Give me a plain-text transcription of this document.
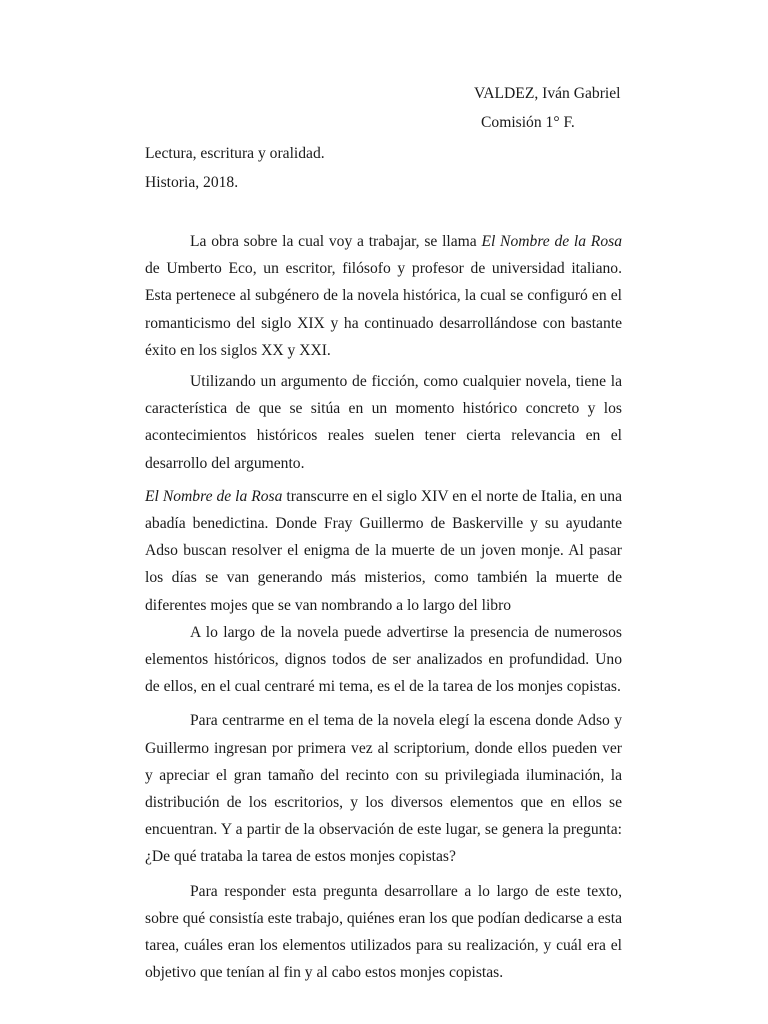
VALDEZ, Iván Gabriel
Comisión 1° F.
Lectura, escritura y oralidad.
Historia, 2018.

La obra sobre la cual voy a trabajar, se llama El Nombre de la Rosa de Umberto Eco, un escritor, filósofo y profesor de universidad italiano. Esta pertenece al subgénero de la novela histórica, la cual se configuró en el romanticismo del siglo XIX y ha continuado desarrollándose con bastante éxito en los siglos XX y XXI.

Utilizando un argumento de ficción, como cualquier novela, tiene la característica de que se sitúa en un momento histórico concreto y los acontecimientos históricos reales suelen tener cierta relevancia en el desarrollo del argumento.

El Nombre de la Rosa transcurre en el siglo XIV en el norte de Italia, en una abadía benedictina. Donde Fray Guillermo de Baskerville y su ayudante Adso buscan resolver el enigma de la muerte de un joven monje. Al pasar los días se van generando más misterios, como también la muerte de diferentes mojes que se van nombrando a lo largo del libro

A lo largo de la novela puede advertirse la presencia de numerosos elementos históricos, dignos todos de ser analizados en profundidad. Uno de ellos, en el cual centraré mi tema, es el de la tarea de los monjes copistas.

Para centrarme en el tema de la novela elegí la escena donde Adso y Guillermo ingresan por primera vez al scriptorium, donde ellos pueden ver y apreciar el gran tamaño del recinto con su privilegiada iluminación, la distribución de los escritorios, y los diversos elementos que en ellos se encuentran. Y a partir de la observación de este lugar, se genera la pregunta: ¿De qué trataba la tarea de estos monjes copistas?

Para responder esta pregunta desarrollare a lo largo de este texto, sobre qué consistía este trabajo, quiénes eran los que podían dedicarse a esta tarea, cuáles eran los elementos utilizados para su realización, y cuál era el objetivo que tenían al fin y al cabo estos monjes copistas.
